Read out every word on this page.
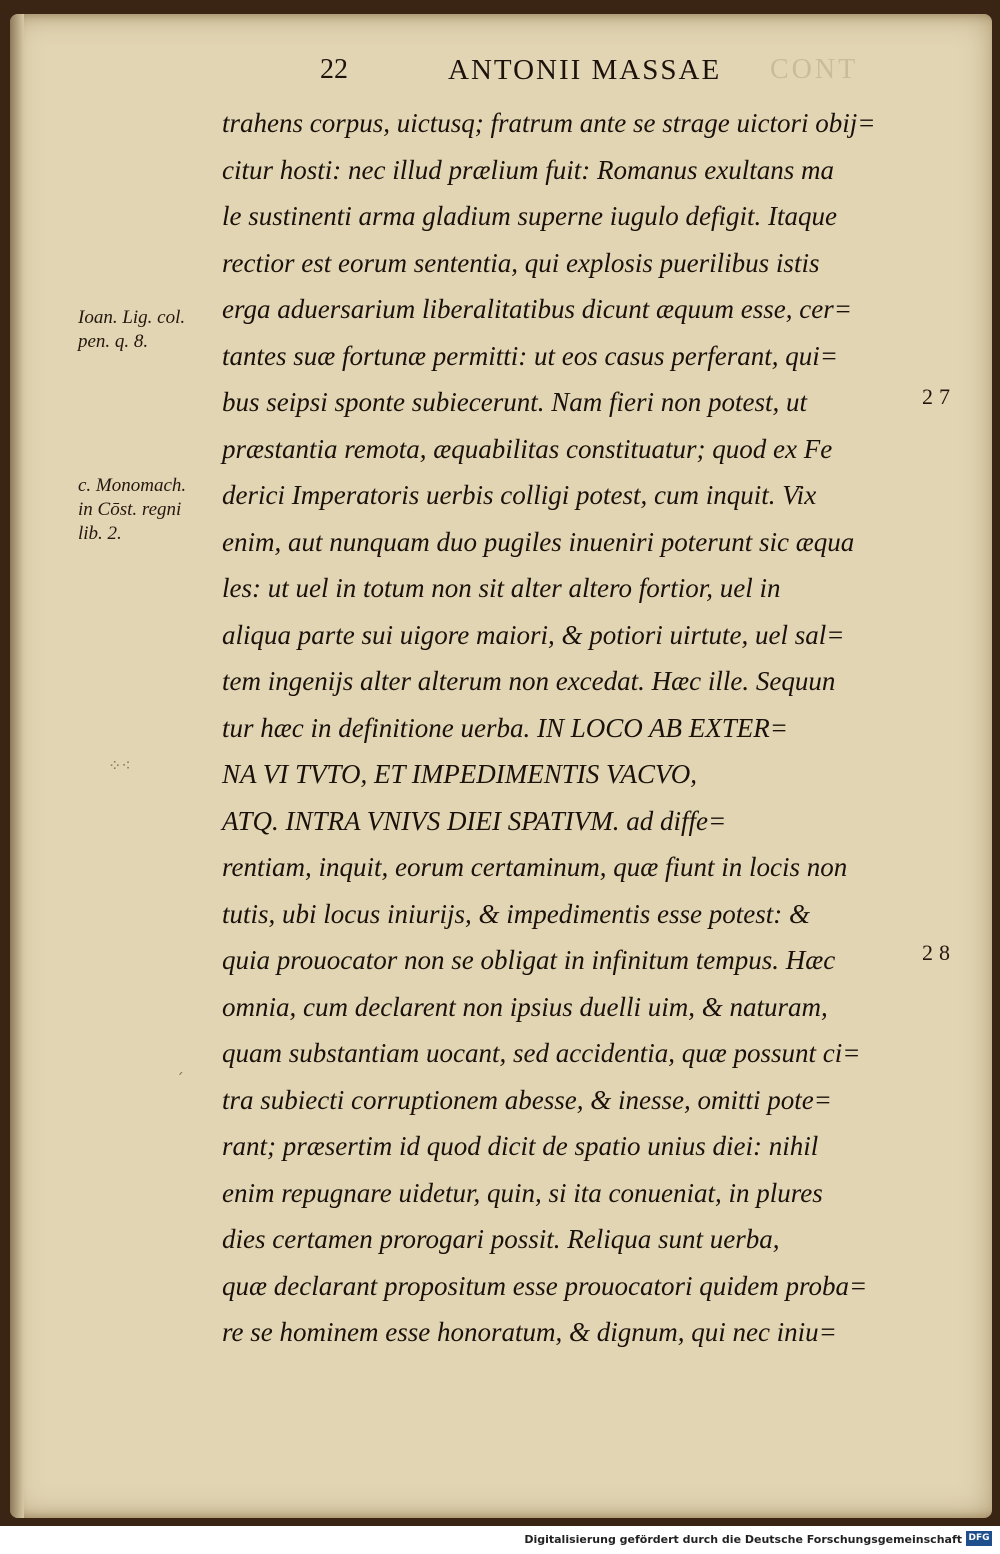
22	ANTONII MASSAE CONT
trahens corpus, uictusq; fratrum ante se strage uictori obij=
citur hosti: nec illud prælium fuit: Romanus exultans ma
le sustinenti arma gladium superne iugulo defigit. Itaque
rectior est eorum sententia, qui explosis puerilibus istis
erga aduersarium liberalitatibus dicunt æquum esse, cer=
tantes suæ fortunæ permitti: ut eos casus perferant, qui=
bus seipsi sponte subiecerunt. Nam fieri non potest, ut
præstantia remota, æquabilitas constituatur; quod ex Fe
derici Imperatoris uerbis colligi potest, cum inquit. Vix
enim, aut nunquam duo pugiles inueniri poterunt sic æqua
les: ut uel in totum non sit alter altero fortior, uel in
aliqua parte sui uigore maiori, & potiori uirtute, uel sal=
tem ingenijs alter alterum non excedat. Hæc ille. Sequun
tur hæc in definitione uerba. IN LOCO AB EXTER=
NA VI TVTO, ET IMPEDIMENTIS VACVO,
ATQ. INTRA VNIVS DIEI SPATIVM. ad diffe=
rentiam, inquit, eorum certaminum, quæ fiunt in locis non
tutis, ubi locus iniurijs, & impedimentis esse potest: &
quia prouocator non se obligat in infinitum tempus. Hæc
omnia, cum declarent non ipsius duelli uim, & naturam,
quam substantiam uocant, sed accidentia, quæ possunt ci=
tra subiecti corruptionem abesse, & inesse, omitti pote=
rant; præsertim id quod dicit de spatio unius diei: nihil
enim repugnare uidetur, quin, si ita conueniat, in plures
dies certamen prorogari possit. Reliqua sunt uerba,
quæ declarant propositum esse prouocatori quidem proba=
re se hominem esse honoratum, & dignum, qui nec iniu=
Ioan. Lig. col.
pen. q. 8.
c. Monomach.
in Cōst. regni
lib. 2.
27
28
⁘⁖
ˊ
Digitalisierung gefördert durch die Deutsche Forschungsgemeinschaft DFG
